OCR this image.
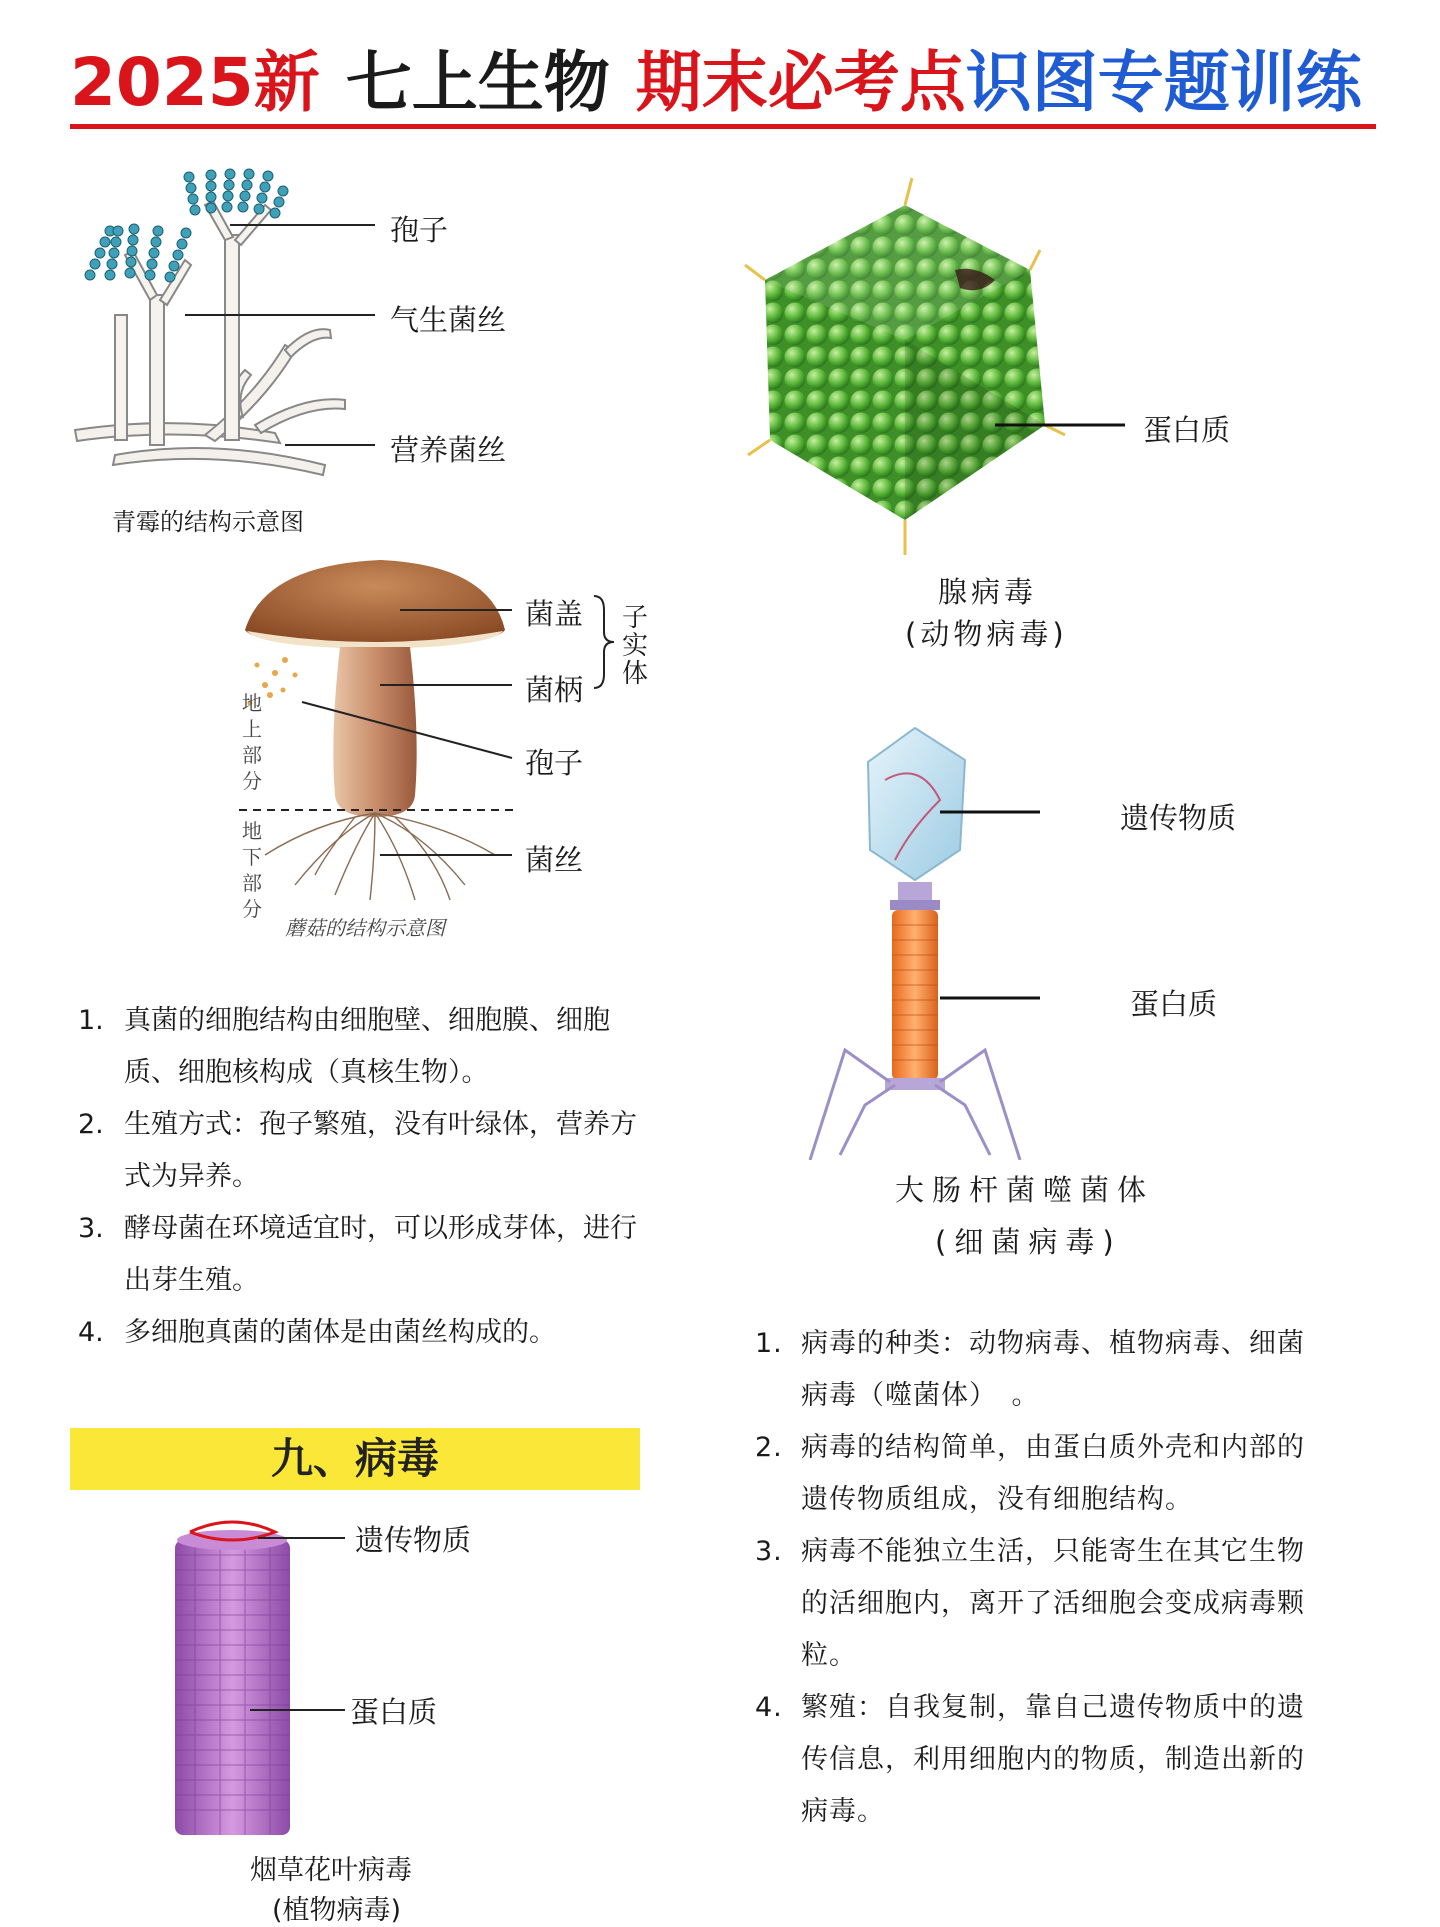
2025新 七上生物 期末必考点识图专题训练
孢子
气生菌丝
营养菌丝
青霉的结构示意图
菌盖
菌柄
孢子
菌丝
子实体
地上部分
地下部分
蘑菇的结构示意图
1. 真菌的细胞结构由细胞壁、细胞膜、细胞
质、细胞核构成（真核生物）。
2. 生殖方式：孢子繁殖，没有叶绿体，营养方
式为异养。
3. 酵母菌在环境适宜时，可以形成芽体，进行
出芽生殖。
4. 多细胞真菌的菌体是由菌丝构成的。
九、病毒
遗传物质
蛋白质
烟草花叶病毒
(植物病毒)
蛋白质
腺病毒
(动物病毒)
遗传物质
蛋白质
大肠杆菌噬菌体
(细菌病毒)
1. 病毒的种类：动物病毒、植物病毒、细菌
病毒（噬菌体）　。
2. 病毒的结构简单，由蛋白质外壳和内部的
遗传物质组成，没有细胞结构。
3. 病毒不能独立生活，只能寄生在其它生物
的活细胞内，离开了活细胞会变成病毒颗
粒。
4. 繁殖：自我复制，靠自己遗传物质中的遗
传信息，利用细胞内的物质，制造出新的
病毒。
